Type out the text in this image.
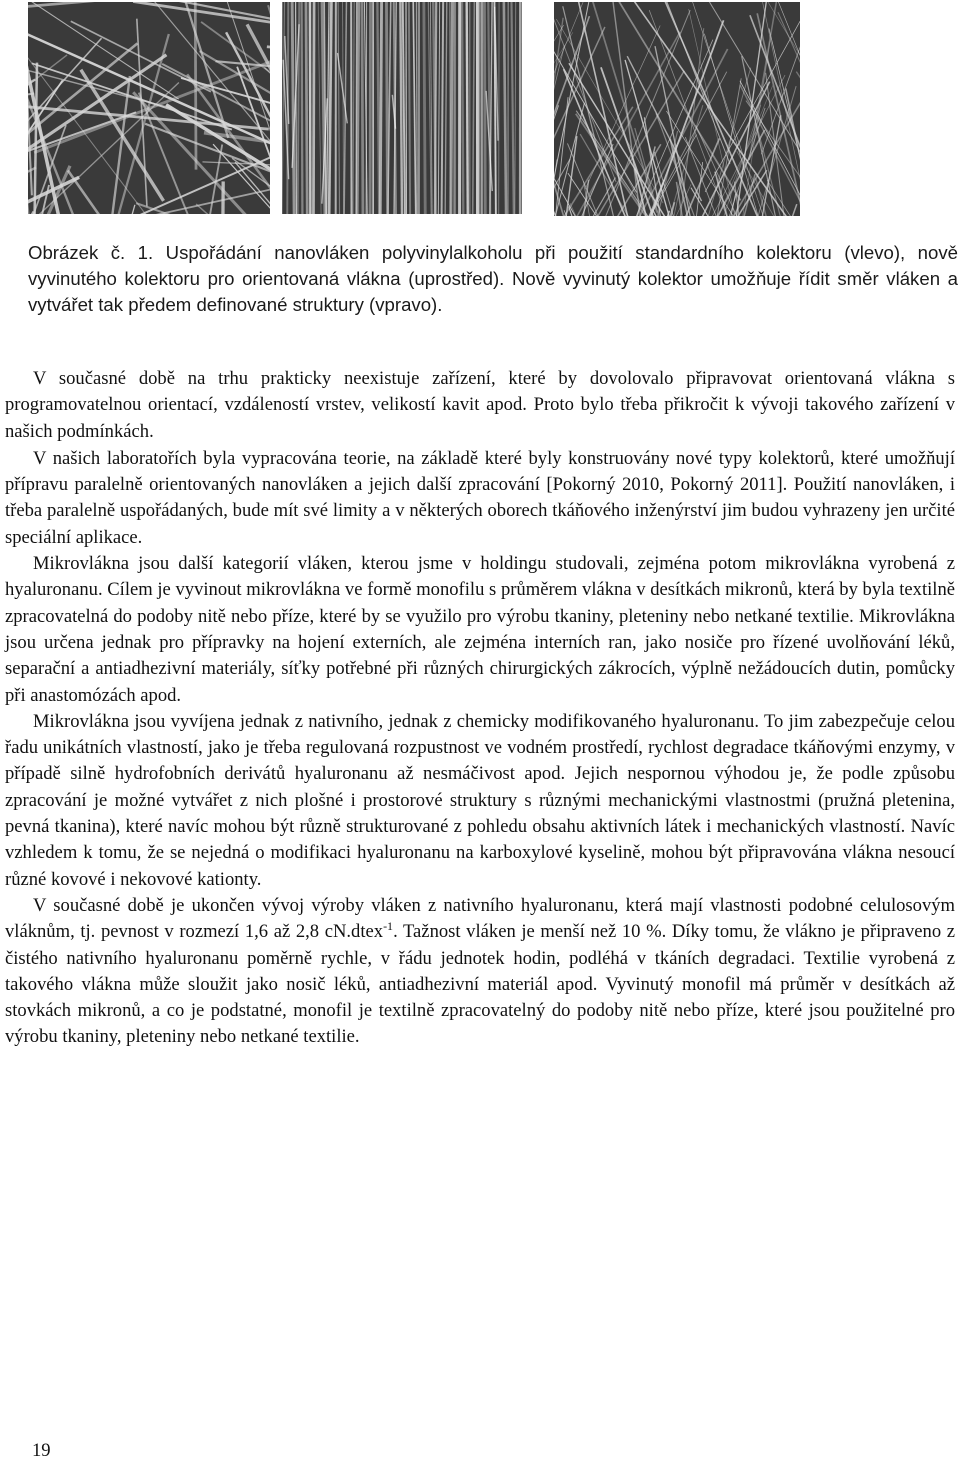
Obrázek č. 1. Uspořádání nanovláken polyvinylalkoholu při použití standardního kolektoru (vlevo), nově vyvinutého kolektoru pro orientovaná vlákna (uprostřed). Nově vyvinutý kolektor umožňuje řídit směr vláken a vytvářet tak předem definované struktury (vpravo).

V současné době na trhu prakticky neexistuje zařízení, které by dovolovalo připravovat orientovaná vlákna s programovatelnou orientací, vzdáleností vrstev, velikostí kavit apod. Proto bylo třeba přikročit k vývoji takového zařízení v našich podmínkách.

V našich laboratořích byla vypracována teorie, na základě které byly konstruovány nové typy kolektorů, které umožňují přípravu paralelně orientovaných nanovláken a jejich další zpracování [Pokorný 2010, Pokorný 2011]. Použití nanovláken, i třeba paralelně uspořádaných, bude mít své limity a v některých oborech tkáňového inženýrství jim budou vyhrazeny jen určité speciální aplikace.

Mikrovlákna jsou další kategorií vláken, kterou jsme v holdingu studovali, zejména potom mikrovlákna vyrobená z hyaluronanu. Cílem je vyvinout mikrovlákna ve formě monofilu s průměrem vlákna v desítkách mikronů, která by byla textilně zpracovatelná do podoby nitě nebo příze, které by se využilo pro výrobu tkaniny, pleteniny nebo netkané textilie. Mikrovlákna jsou určena jednak pro přípravky na hojení externích, ale zejména interních ran, jako nosiče pro řízené uvolňování léků, separační a antiadhezivní materiály, síťky potřebné při různých chirurgických zákrocích, výplně nežádoucích dutin, pomůcky při anastomózách apod.

Mikrovlákna jsou vyvíjena jednak z nativního, jednak z chemicky modifikovaného hyaluronanu. To jim zabezpečuje celou řadu unikátních vlastností, jako je třeba regulovaná rozpustnost ve vodném prostředí, rychlost degradace tkáňovými enzymy, v případě silně hydrofobních derivátů hyaluronanu až nesmáčivost apod. Jejich nespornou výhodou je, že podle způsobu zpracování je možné vytvářet z nich plošné i prostorové struktury s různými mechanickými vlastnostmi (pružná pletenina, pevná tkanina), které navíc mohou být různě strukturované z pohledu obsahu aktivních látek i mechanických vlastností. Navíc vzhledem k tomu, že se nejedná o modifikaci hyaluronanu na karboxylové kyselině, mohou být připravována vlákna nesoucí různé kovové i nekovové kationty.

V současné době je ukončen vývoj výroby vláken z nativního hyaluronanu, která mají vlastnosti podobné celulosovým vláknům, tj. pevnost v rozmezí 1,6 až 2,8 cN.dtex$^{-1}$. Tažnost vláken je menší než 10 %. Díky tomu, že vlákno je připraveno z čistého nativního hyaluronanu poměrně rychle, v řádu jednotek hodin, podléhá v tkáních degradaci. Textilie vyrobená z takového vlákna může sloužit jako nosič léků, antiadhezivní materiál apod. Vyvinutý monofil má průměr v desítkách až stovkách mikronů, a co je podstatné, monofil je textilně zpracovatelný do podoby nitě nebo příze, které jsou použitelné pro výrobu tkaniny, pleteniny nebo netkané textilie.

19
